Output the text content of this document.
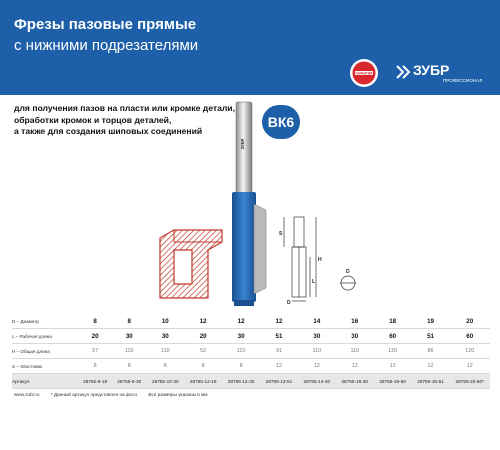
Фрезы пазовые прямые
с нижними подрезателями
ГАРАНТИЯ	ЗУБР
ПРОФЕССИОНАЛ
для получения пазов на пласти или кромке детали,
обработки кромок и торцов деталей,
а также для создания шиповых соединений
ЗУБР
ВК6
S
H
L
D
D
D – Диаметр	8	8	10	12	12	12	14	16	18	19	20
L – Рабочая длина	20	30	30	20	30	51	30	30	60	51	60
H – Общая длина	57	110	110	52	110	91	110	110	120	86	120
S – Хвостовик	8	8	8	8	8	12	12	12	12	12	12
Артикул	28755-8-19	28755-8-30	28755-10-30	28755-12-19	28755-12-30	28755-12-51	28755-14-30	28755-16-30	28755-18-60	28755-19-51	28755-20-60*
www.zubr.ru * Данный артикул представлен на фото Все размеры указаны в мм
